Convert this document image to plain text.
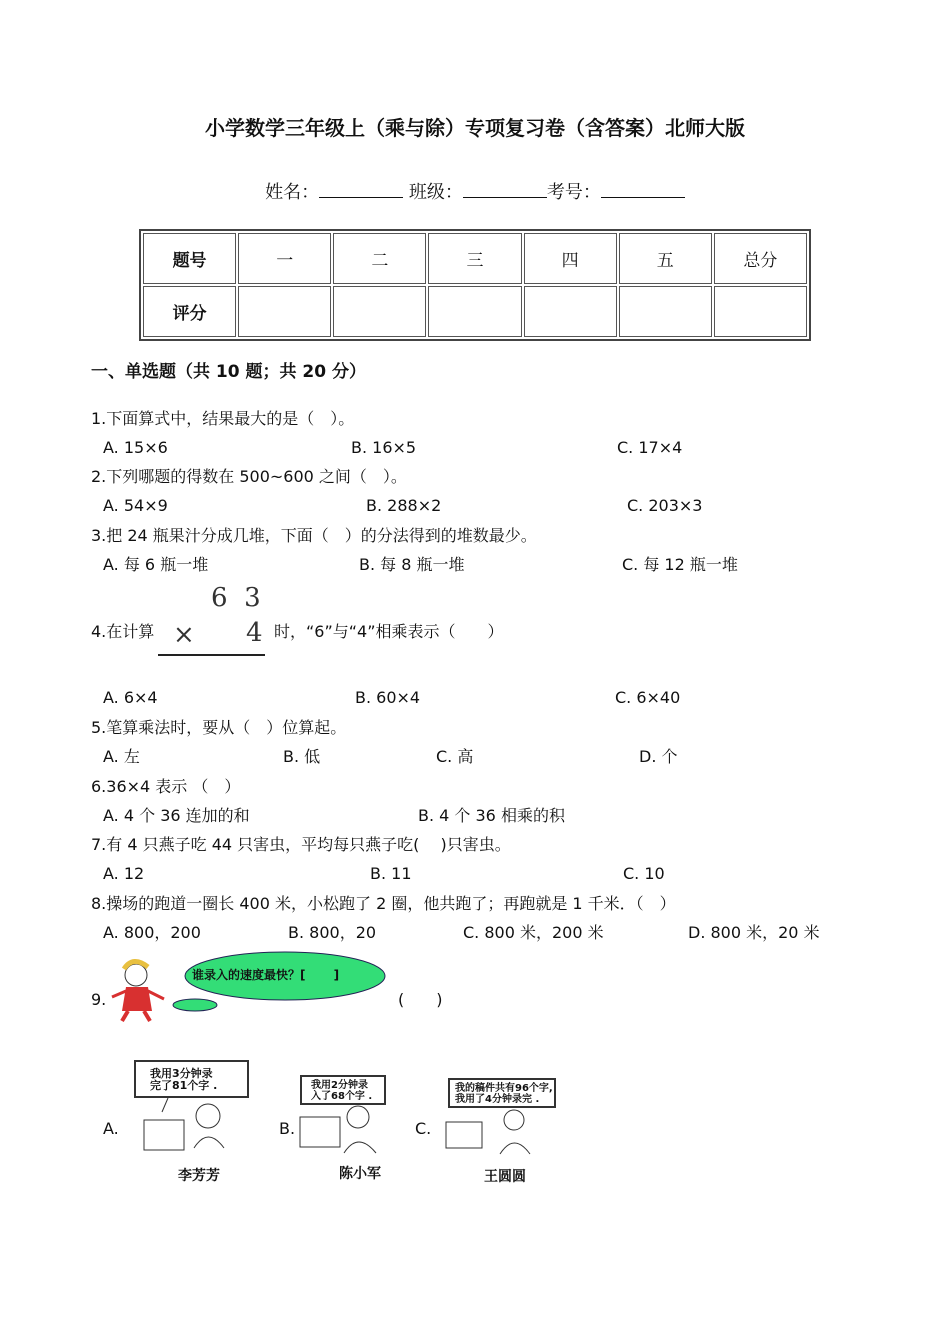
小学数学三年级上（乘与除）专项复习卷（含答案）北师大版
姓名：	班级：	考号：
题号	一	二	三	四	五	总分
评分						
一、单选题（共 10 题；共 20 分）
1.下面算式中，结果最大的是（　）。
A. 15×6	B. 16×5	C. 17×4
2.下列哪题的得数在 500~600 之间（　）。
A. 54×9	B. 288×2	C. 203×3
3.把 24 瓶果汁分成几堆，下面（　）的分法得到的堆数最少。
A. 每 6 瓶一堆	B. 每 8 瓶一堆	C. 每 12 瓶一堆
4.在计算
6  3
× 4 时，“6”与“4”相乘表示（　　）
A. 6×4	B. 60×4	C. 6×40
5.笔算乘法时，要从（　）位算起。
A. 左	B. 低	C. 高	D. 个
6.36×4 表示 （　）
A. 4 个 36 连加的和	B. 4 个 36 相乘的积
7.有 4 只燕子吃 44 只害虫，平均每只燕子吃(　 )只害虫。
A. 12	B. 11	C. 10
8.操场的跑道一圈长 400 米，小松跑了 2 圈，他共跑了；再跑就是 1 千米．（　）
A. 800，200	B. 800，20	C. 800 米，200 米	D. 800 米，20 米
9.
谁录入的速度最快？[　　 ]
(　　)
A.
我用3分钟录
完了81个字 .
李芳芳
B.
我用2分钟录
入了68个字 .
陈小军
C.
我的稿件共有96个字,
我用了4分钟录完 .
王圆圆
